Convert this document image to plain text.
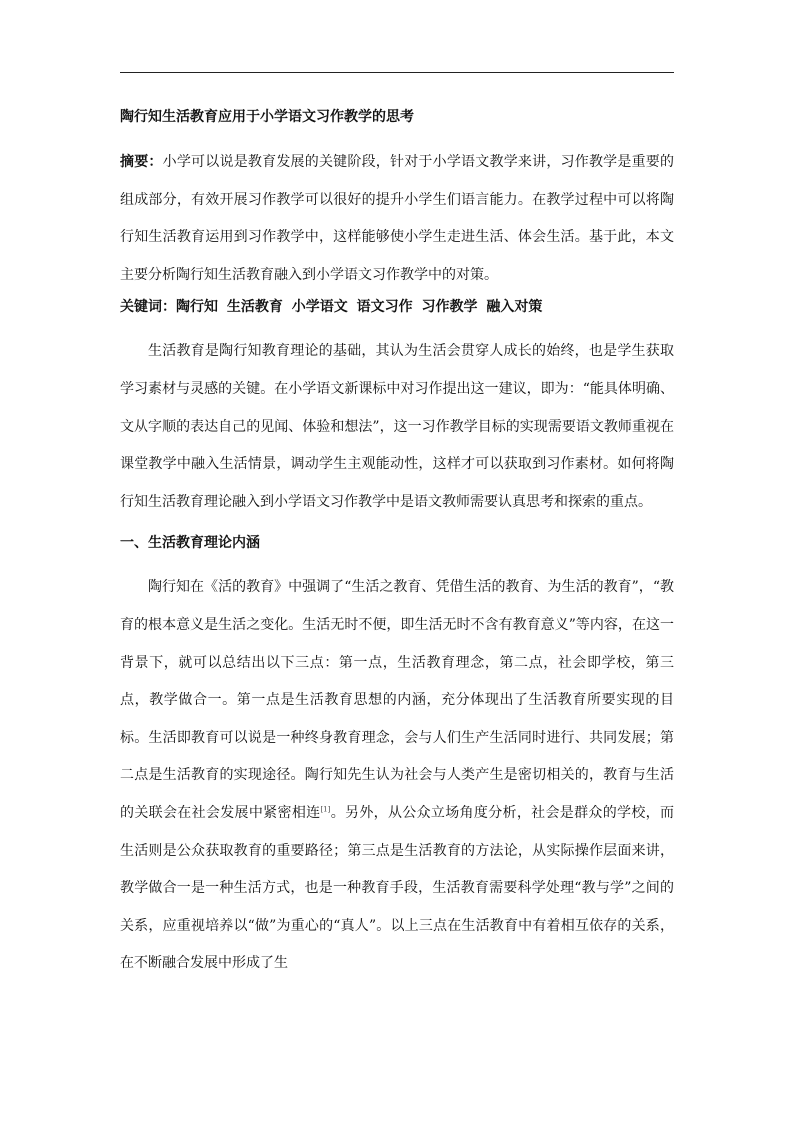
陶行知生活教育应用于小学语文习作教学的思考

摘要：小学可以说是教育发展的关键阶段，针对于小学语文教学来讲，习作教学是重要的组成部分，有效开展习作教学可以很好的提升小学生们语言能力。在教学过程中可以将陶行知生活教育运用到习作教学中，这样能够使小学生走进生活、体会生活。基于此，本文主要分析陶行知生活教育融入到小学语文习作教学中的对策。

关键词：陶行知 生活教育 小学语文 语文习作 习作教学 融入对策

生活教育是陶行知教育理论的基础，其认为生活会贯穿人成长的始终，也是学生获取学习素材与灵感的关键。在小学语文新课标中对习作提出这一建议，即为：“能具体明确、文从字顺的表达自己的见闻、体验和想法”，这一习作教学目标的实现需要语文教师重视在课堂教学中融入生活情景，调动学生主观能动性，这样才可以获取到习作素材。如何将陶行知生活教育理论融入到小学语文习作教学中是语文教师需要认真思考和探索的重点。

一、生活教育理论内涵

陶行知在《活的教育》中强调了“生活之教育、凭借生活的教育、为生活的教育”，“教育的根本意义是生活之变化。生活无时不便，即生活无时不含有教育意义”等内容，在这一背景下，就可以总结出以下三点：第一点，生活教育理念，第二点，社会即学校，第三点，教学做合一。第一点是生活教育思想的内涵，充分体现出了生活教育所要实现的目标。生活即教育可以说是一种终身教育理念，会与人们生产生活同时进行、共同发展；第二点是生活教育的实现途径。陶行知先生认为社会与人类产生是密切相关的，教育与生活的关联会在社会发展中紧密相连[1]。另外，从公众立场角度分析，社会是群众的学校，而生活则是公众获取教育的重要路径；第三点是生活教育的方法论，从实际操作层面来讲，教学做合一是一种生活方式，也是一种教育手段，生活教育需要科学处理“教与学”之间的关系，应重视培养以“做”为重心的“真人”。以上三点在生活教育中有着相互依存的关系，在不断融合发展中形成了生
